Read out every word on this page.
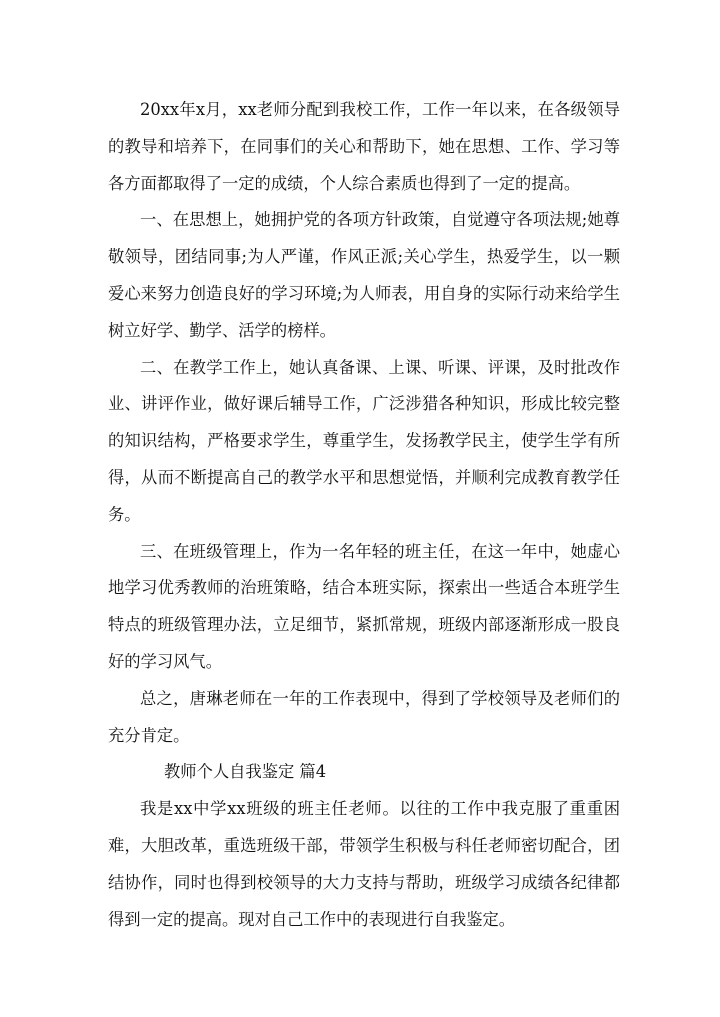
20xx年x月，xx老师分配到我校工作，工作一年以来，在各级领导的教导和培养下，在同事们的关心和帮助下，她在思想、工作、学习等各方面都取得了一定的成绩，个人综合素质也得到了一定的提高。

一、在思想上，她拥护党的各项方针政策，自觉遵守各项法规;她尊敬领导，团结同事;为人严谨，作风正派;关心学生，热爱学生，以一颗爱心来努力创造良好的学习环境;为人师表，用自身的实际行动来给学生树立好学、勤学、活学的榜样。

二、在教学工作上，她认真备课、上课、听课、评课，及时批改作业、讲评作业，做好课后辅导工作，广泛涉猎各种知识，形成比较完整的知识结构，严格要求学生，尊重学生，发扬教学民主，使学生学有所得，从而不断提高自己的教学水平和思想觉悟，并顺利完成教育教学任务。

三、在班级管理上，作为一名年轻的班主任，在这一年中，她虚心地学习优秀教师的治班策略，结合本班实际，探索出一些适合本班学生特点的班级管理办法，立足细节，紧抓常规，班级内部逐渐形成一股良好的学习风气。

总之，唐琳老师在一年的工作表现中，得到了学校领导及老师们的充分肯定。

教师个人自我鉴定 篇4

我是xx中学xx班级的班主任老师。以往的工作中我克服了重重困难，大胆改革，重选班级干部，带领学生积极与科任老师密切配合，团结协作，同时也得到校领导的大力支持与帮助，班级学习成绩各纪律都得到一定的提高。现对自己工作中的表现进行自我鉴定。
